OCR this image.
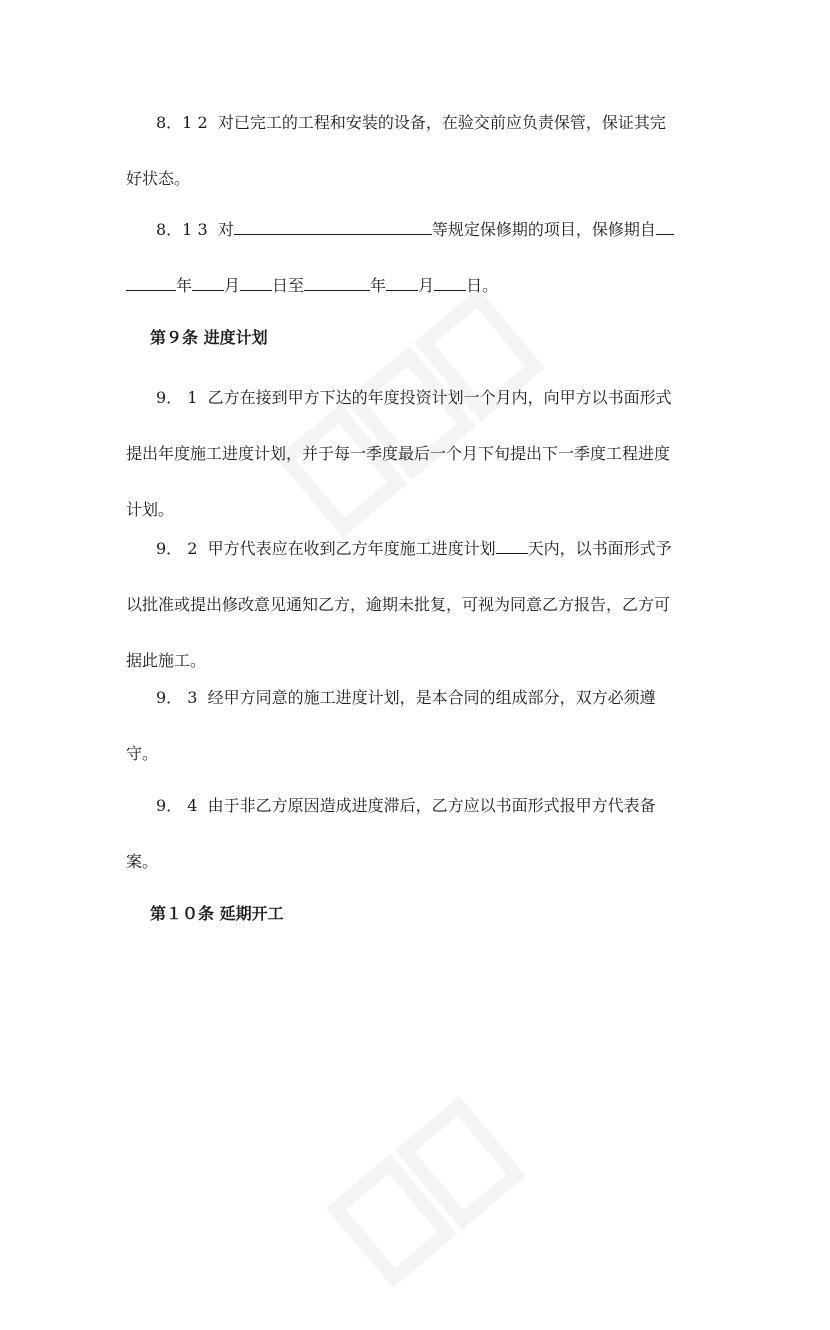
8．1 2 对已完工的工程和安装的设备，在验交前应负责保管，保证其完
好状态。

8．1 3 对	等规定保修期的项目，保修期自
年 月 日至	年 月 日。

第９条 进度计划

9． 1 乙方在接到甲方下达的年度投资计划一个月内，向甲方以书面形式
提出年度施工进度计划，并于每一季度最后一个月下旬提出下一季度工程进度
计划。

9． 2 甲方代表应在收到乙方年度施工进度计划 天内，以书面形式予
以批准或提出修改意见通知乙方，逾期未批复，可视为同意乙方报告，乙方可
据此施工。

9． 3 经甲方同意的施工进度计划，是本合同的组成部分，双方必须遵
守。

9． 4 由于非乙方原因造成进度滞后，乙方应以书面形式报甲方代表备
案。

第１０条 延期开工
